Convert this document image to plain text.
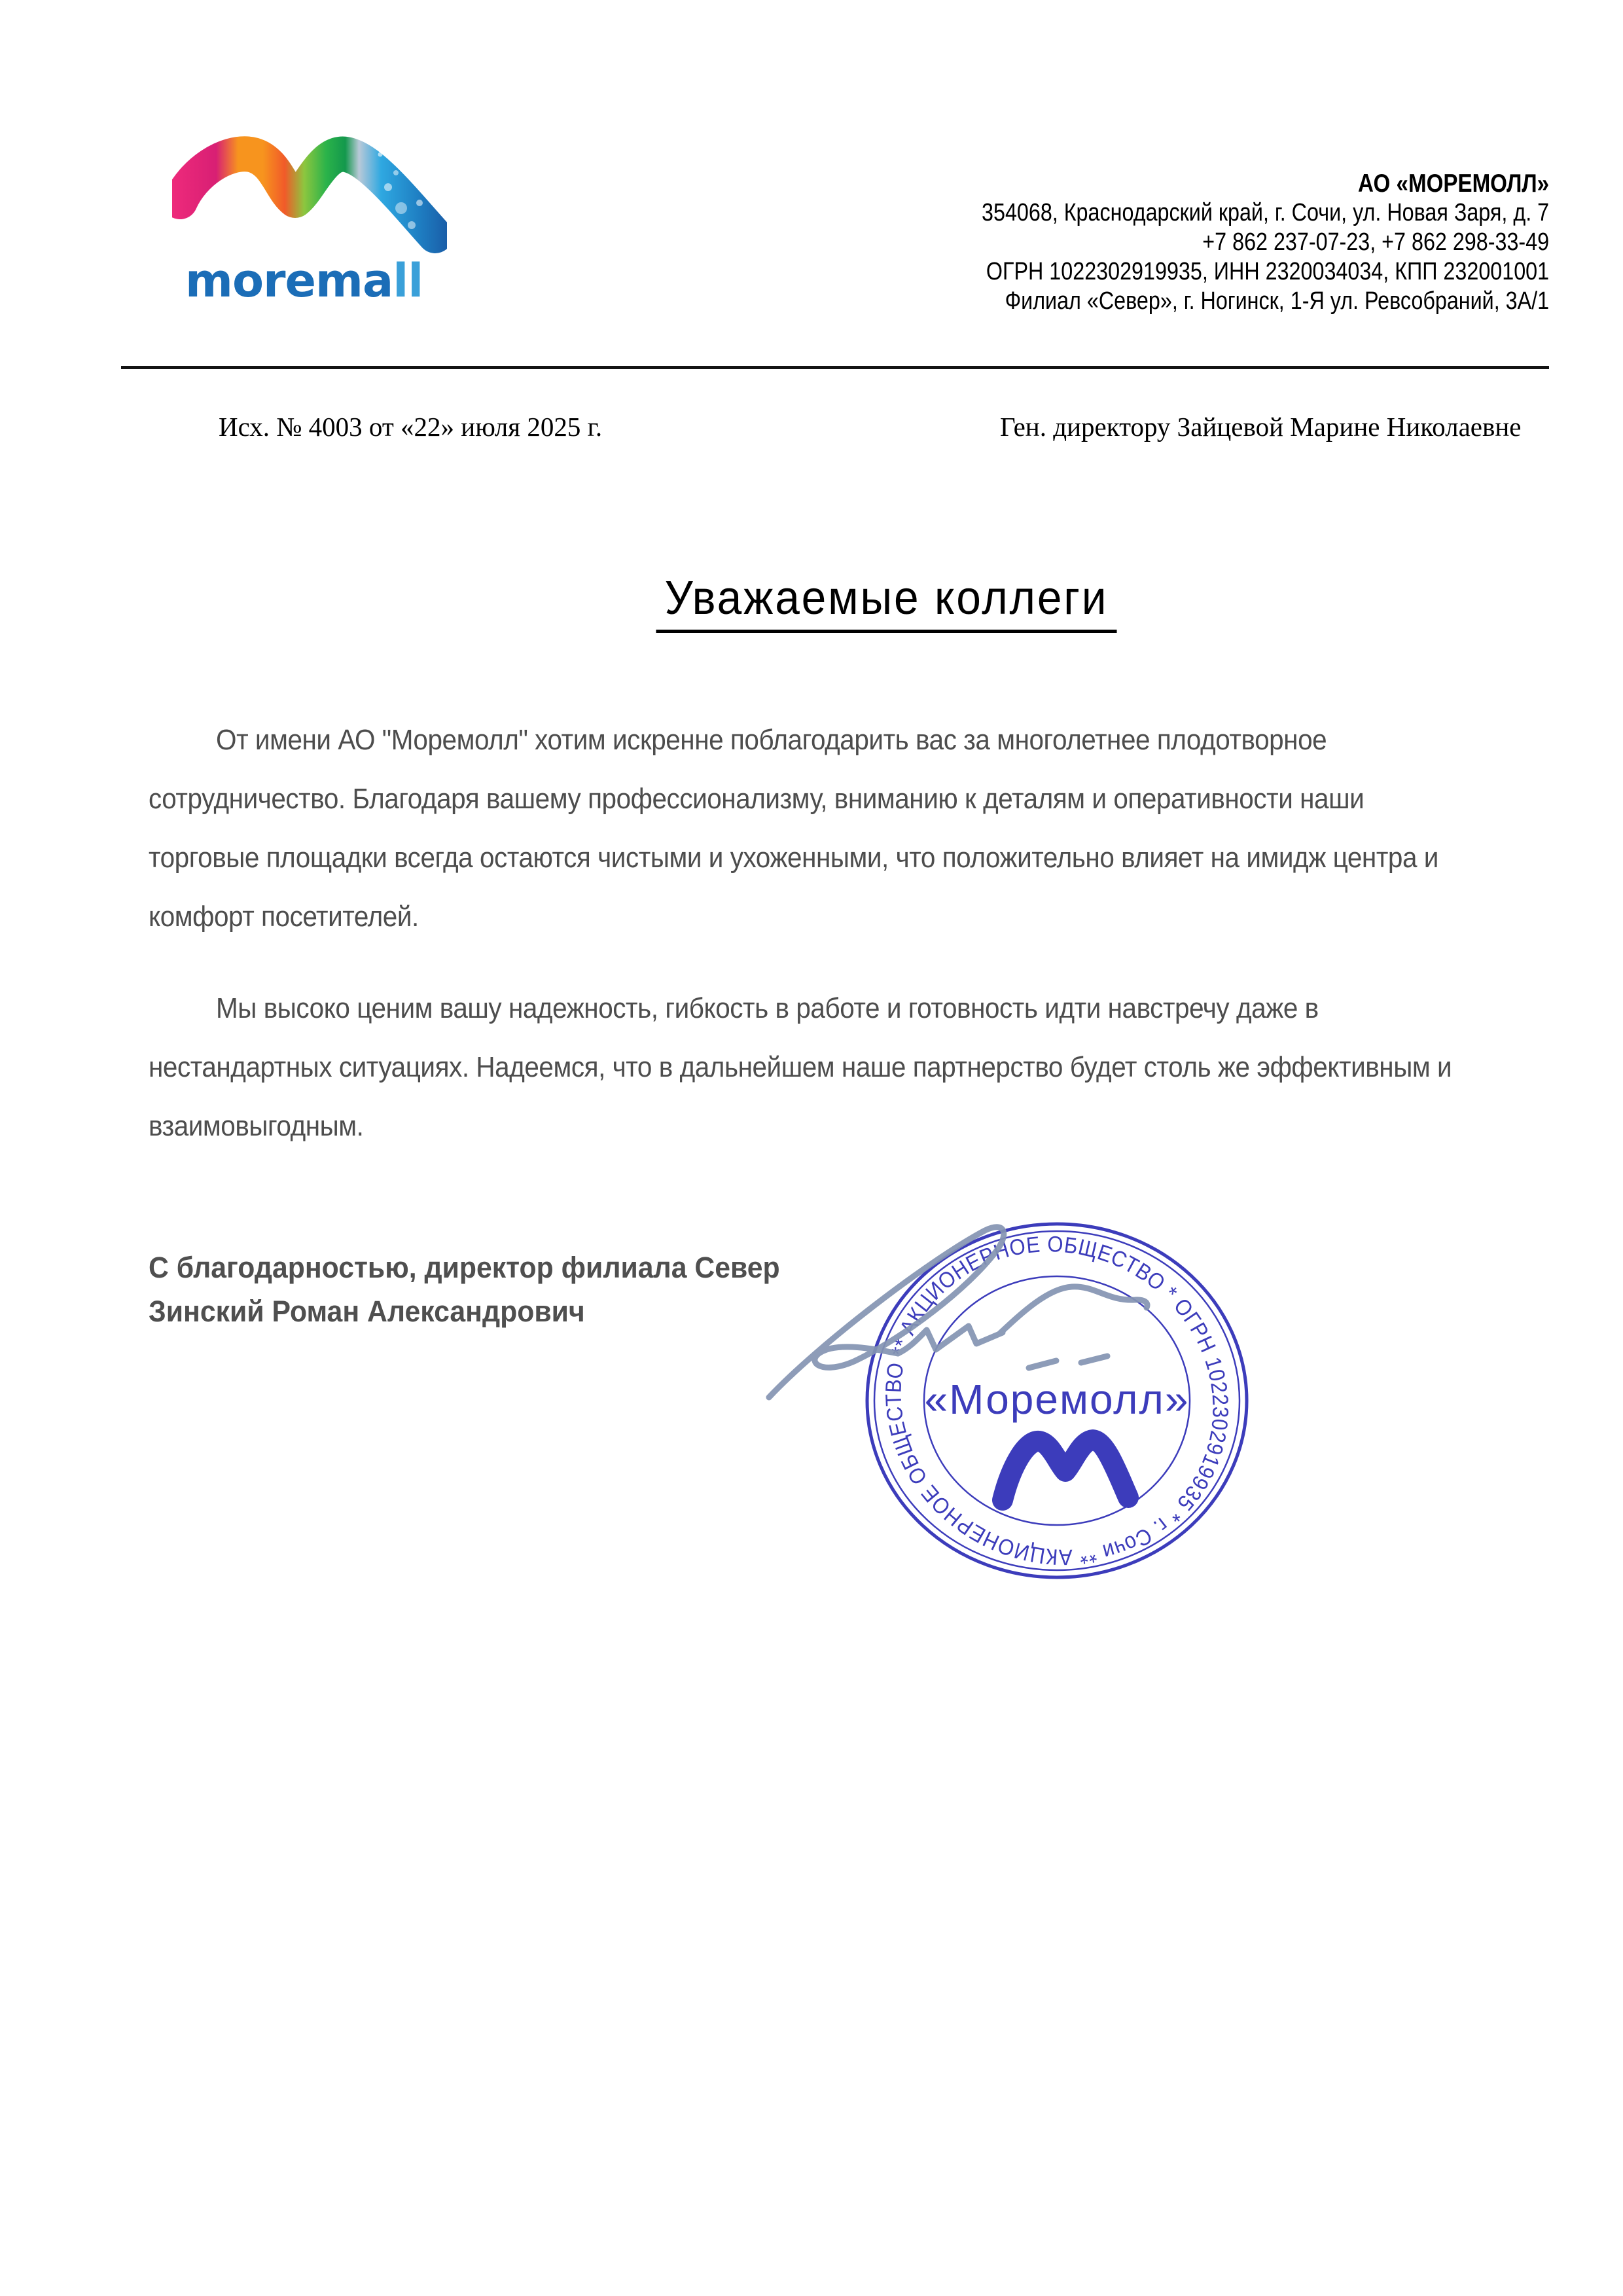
moremall
АО «МОРЕМОЛЛ»
354068, Краснодарский край, г. Сочи, ул. Новая Заря, д. 7
+7 862 237-07-23, +7 862 298-33-49
ОГРН 1022302919935, ИНН 2320034034, КПП 232001001
Филиал «Север», г. Ногинск, 1-Я ул. Ревсобраний, 3А/1
Исх. № 4003 от «22» июля 2025 г.	Ген. директору Зайцевой Марине Николаевне
Уважаемые коллеги
От имени АО "Моремолл" хотим искренне поблагодарить вас за многолетнее плодотворное
сотрудничество. Благодаря вашему профессионализму, вниманию к деталям и оперативности наши
торговые площадки всегда остаются чистыми и ухоженными, что положительно влияет на имидж центра и
комфорт посетителей.
Мы высоко ценим вашу надежность, гибкость в работе и готовность идти навстречу даже в
нестандартных ситуациях. Надеемся, что в дальнейшем наше партнерство будет столь же эффективным и
взаимовыгодным.
С благодарностью, директор филиала Север
Зинский Роман Александрович	АКЦИОНЕРНОЕ ОБЩЕСТВО * ОГРН 1022302919935 * г. Сочи ** АКЦИОНЕРНОЕ ОБЩЕСТВО **
«Моремолл»
